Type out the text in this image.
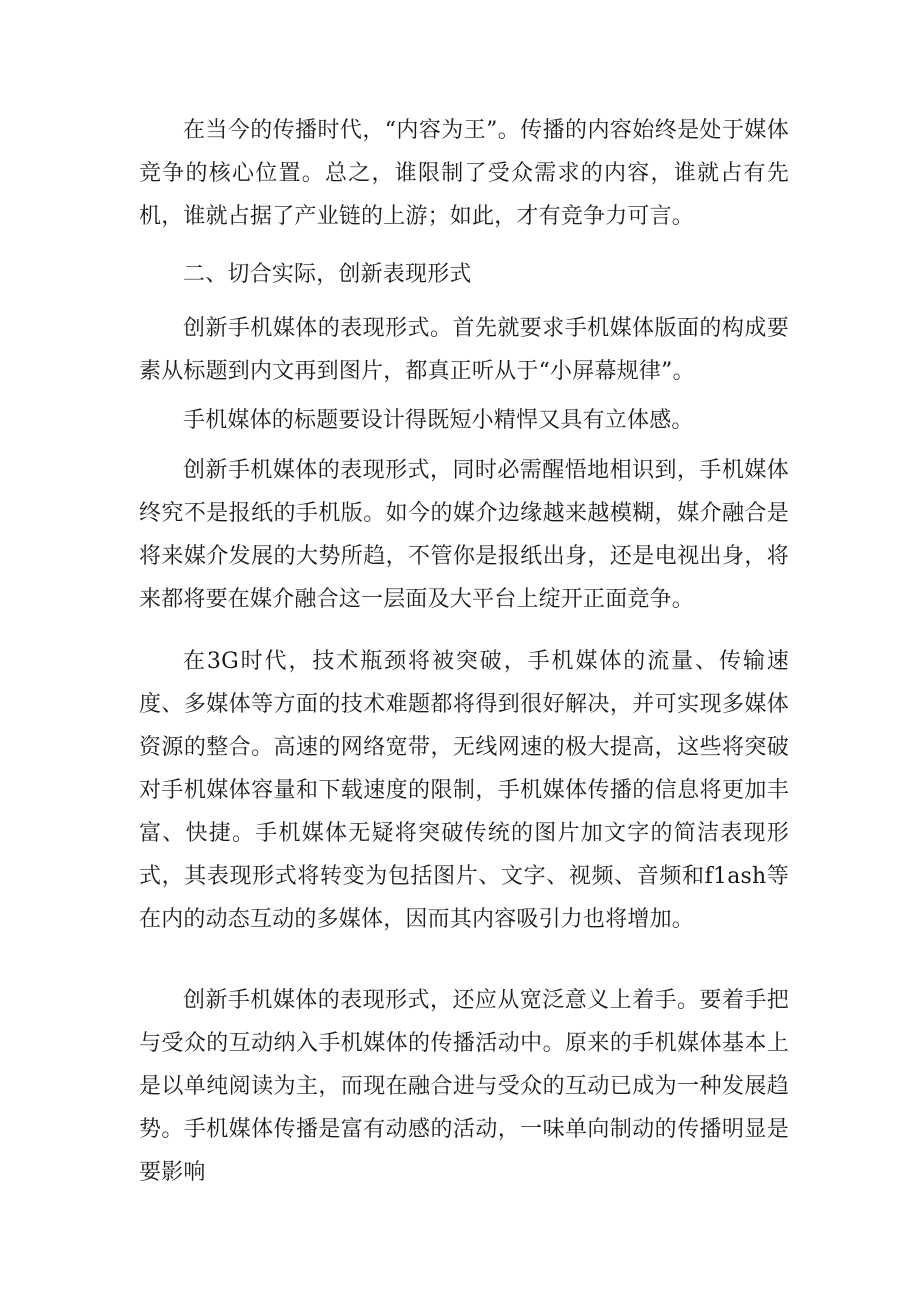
在当今的传播时代，“内容为王”。传播的内容始终是处于媒体竞争的核心位置。总之，谁限制了受众需求的内容，谁就占有先机，谁就占据了产业链的上游；如此，才有竞争力可言。

二、切合实际，创新表现形式

创新手机媒体的表现形式。首先就要求手机媒体版面的构成要素从标题到内文再到图片，都真正听从于“小屏幕规律”。

手机媒体的标题要设计得既短小精悍又具有立体感。

创新手机媒体的表现形式，同时必需醒悟地相识到，手机媒体终究不是报纸的手机版。如今的媒介边缘越来越模糊，媒介融合是将来媒介发展的大势所趋，不管你是报纸出身，还是电视出身，将来都将要在媒介融合这一层面及大平台上绽开正面竞争。

在3G时代，技术瓶颈将被突破，手机媒体的流量、传输速度、多媒体等方面的技术难题都将得到很好解决，并可实现多媒体资源的整合。高速的网络宽带，无线网速的极大提高，这些将突破对手机媒体容量和下载速度的限制，手机媒体传播的信息将更加丰富、快捷。手机媒体无疑将突破传统的图片加文字的简洁表现形式，其表现形式将转变为包括图片、文字、视频、音频和f1ash等在内的动态互动的多媒体，因而其内容吸引力也将增加。

创新手机媒体的表现形式，还应从宽泛意义上着手。要着手把与受众的互动纳入手机媒体的传播活动中。原来的手机媒体基本上是以单纯阅读为主，而现在融合进与受众的互动已成为一种发展趋势。手机媒体传播是富有动感的活动，一味单向制动的传播明显是要影响
